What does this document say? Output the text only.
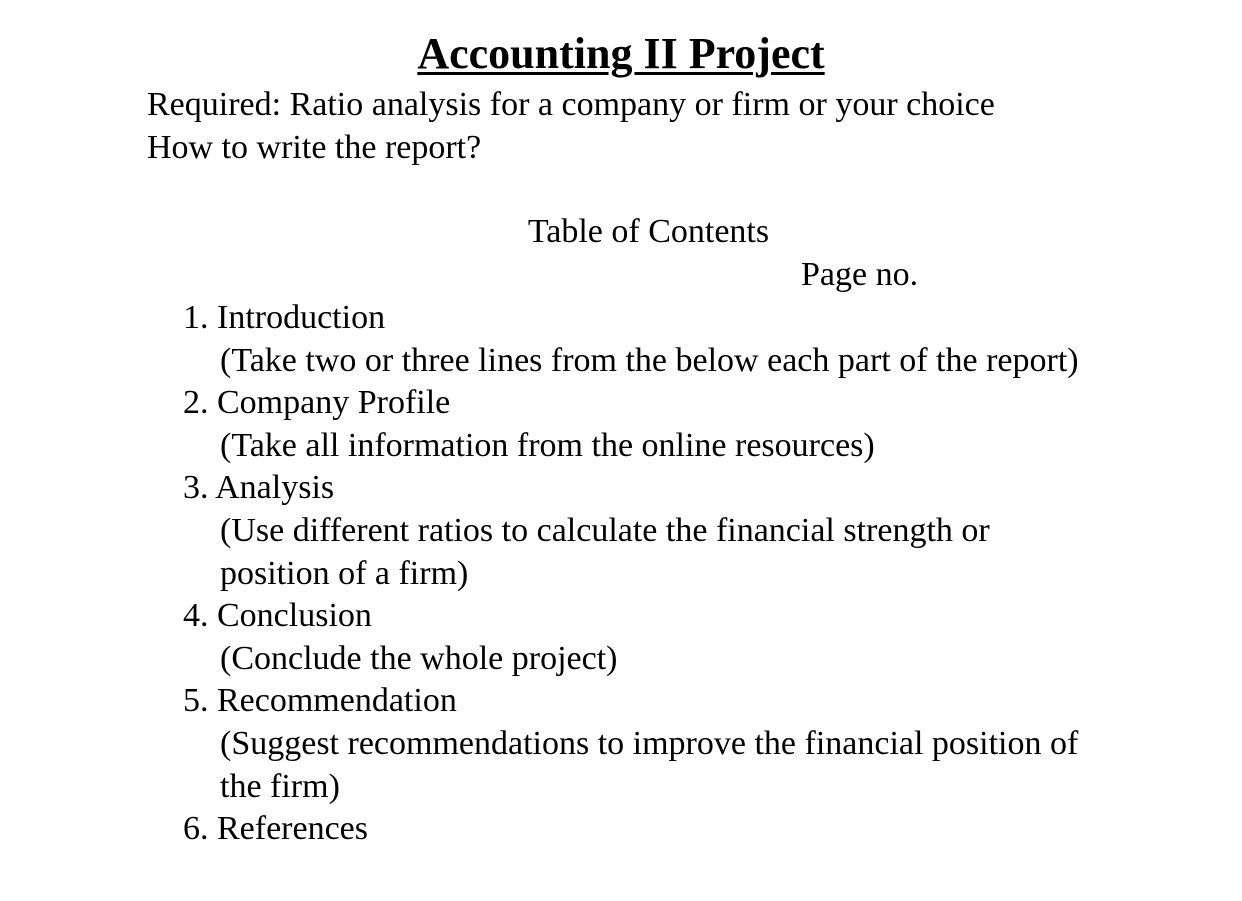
Accounting II Project

Required: Ratio analysis for a company or firm or your choice

How to write the report?

Table of Contents

Page no.

1. Introduction
(Take two or three lines from the below each part of the report)
2. Company Profile
(Take all information from the online resources)
3. Analysis
(Use different ratios to calculate the financial strength or position of a firm)
4. Conclusion
(Conclude the whole project)
5. Recommendation
(Suggest recommendations to improve the financial position of the firm)
6. References
